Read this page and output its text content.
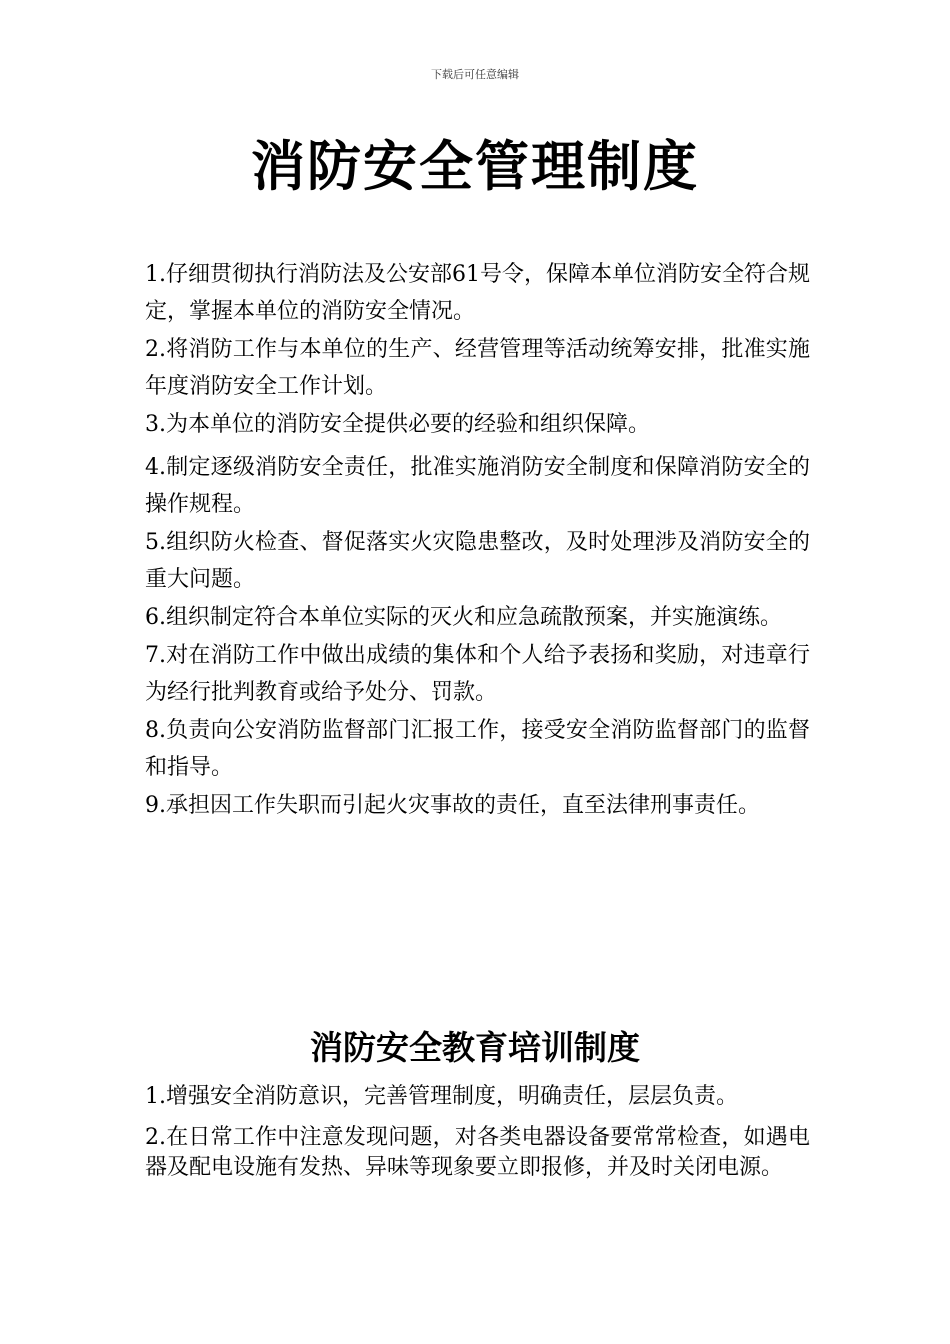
下载后可任意编辑
消防安全管理制度

1.仔细贯彻执行消防法及公安部61号令，保障本单位消防安全符合规定，掌握本单位的消防安全情况。

2.将消防工作与本单位的生产、经营管理等活动统筹安排，批准实施年度消防安全工作计划。

3.为本单位的消防安全提供必要的经验和组织保障。

4.制定逐级消防安全责任，批准实施消防安全制度和保障消防安全的操作规程。

5.组织防火检查、督促落实火灾隐患整改，及时处理涉及消防安全的重大问题。

6.组织制定符合本单位实际的灭火和应急疏散预案，并实施演练。

7.对在消防工作中做出成绩的集体和个人给予表扬和奖励，对违章行为经行批判教育或给予处分、罚款。

8.负责向公安消防监督部门汇报工作，接受安全消防监督部门的监督和指导。

9.承担因工作失职而引起火灾事故的责任，直至法律刑事责任。

消防安全教育培训制度

1.增强安全消防意识，完善管理制度，明确责任，层层负责。

2.在日常工作中注意发现问题，对各类电器设备要常常检查，如遇电器及配电设施有发热、异味等现象要立即报修，并及时关闭电源。
